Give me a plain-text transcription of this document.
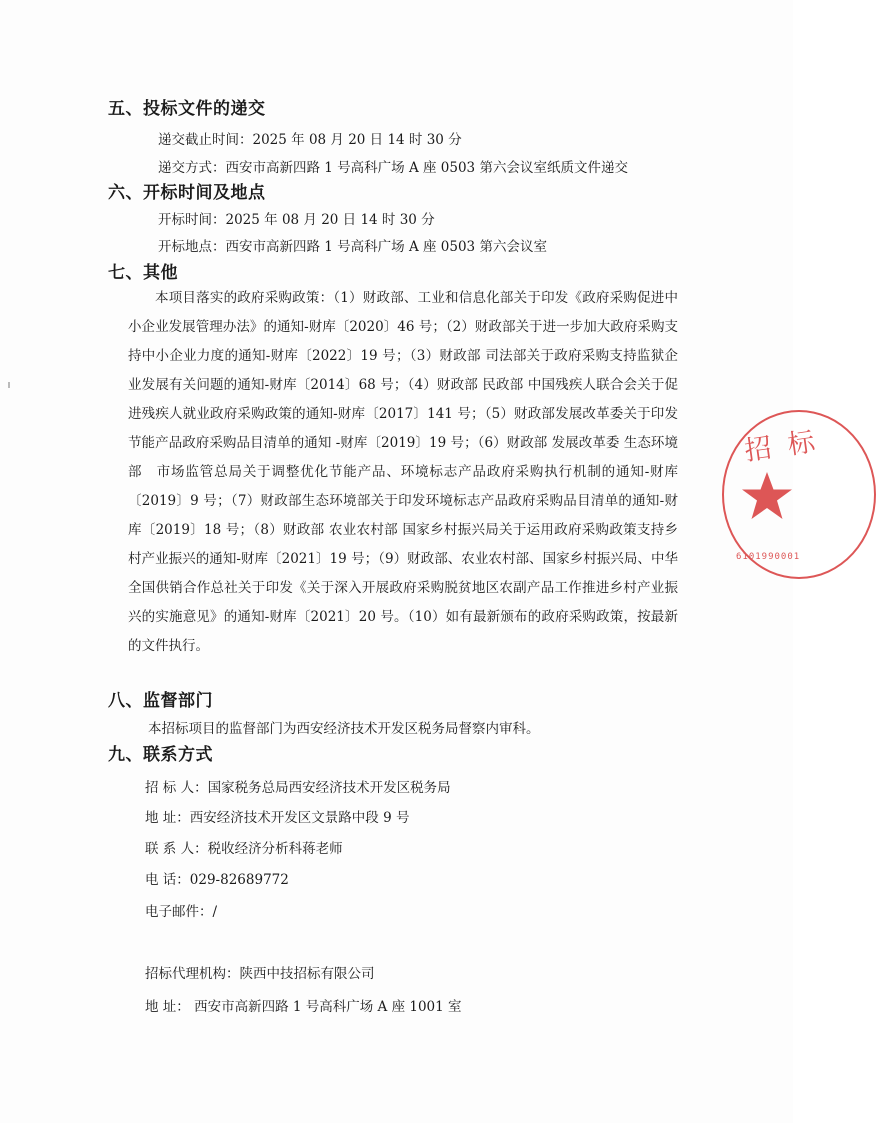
五、投标文件的递交
递交截止时间：2025 年 08 月 20 日 14 时 30 分
递交方式：西安市高新四路 1 号高科广场 A 座 0503 第六会议室纸质文件递交
六、开标时间及地点
开标时间：2025 年 08 月 20 日 14 时 30 分
开标地点：西安市高新四路 1 号高科广场 A 座 0503 第六会议室
七、其他
本项目落实的政府采购政策：（1）财政部、工业和信息化部关于印发《政府采购促进中小企业发展管理办法》的通知-财库〔2020〕46 号；（2）财政部关于进一步加大政府采购支持中小企业力度的通知-财库〔2022〕19 号；（3）财政部 司法部关于政府采购支持监狱企业发展有关问题的通知-财库〔2014〕68 号；（4）财政部 民政部 中国残疾人联合会关于促进残疾人就业政府采购政策的通知-财库〔2017〕141 号；（5）财政部发展改革委关于印发节能产品政府采购品目清单的通知 -财库〔2019〕19 号；（6）财政部 发展改革委 生态环境部　市场监管总局关于调整优化节能产品、环境标志产品政府采购执行机制的通知-财库〔2019〕9 号；（7）财政部生态环境部关于印发环境标志产品政府采购品目清单的通知-财库〔2019〕18 号；（8）财政部 农业农村部 国家乡村振兴局关于运用政府采购政策支持乡村产业振兴的通知-财库〔2021〕19 号；（9）财政部、农业农村部、国家乡村振兴局、中华全国供销合作总社关于印发《关于深入开展政府采购脱贫地区农副产品工作推进乡村产业振兴的实施意见》的通知-财库〔2021〕20 号。（10）如有最新颁布的政府采购政策，按最新的文件执行。
八、监督部门
本招标项目的监督部门为西安经济技术开发区税务局督察内审科。
九、联系方式
招 标 人：国家税务总局西安经济技术开发区税务局
地 址：西安经济技术开发区文景路中段 9 号
联 系 人：税收经济分析科蒋老师
电 话：029-82689772
电子邮件：/
招标代理机构：陕西中技招标有限公司
地 址： 西安市高新四路 1 号高科广场 A 座 1001 室
招 标
6101990001
